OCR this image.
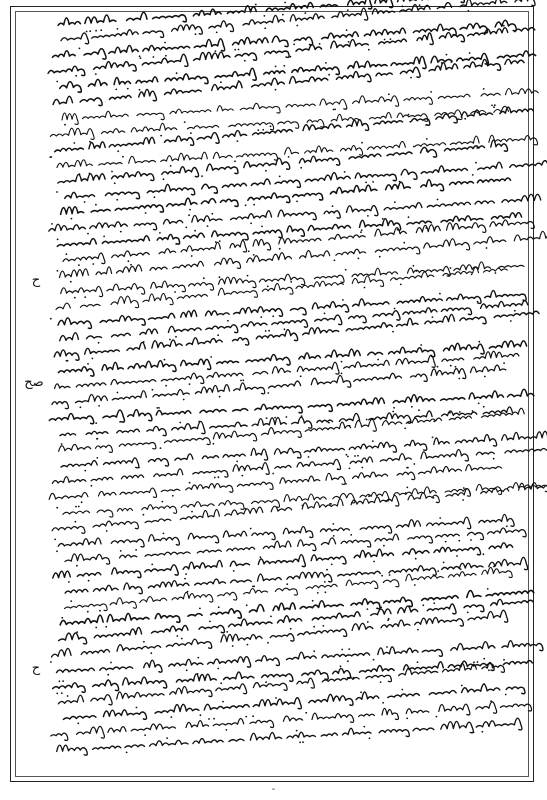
ح
صح
ح
-
